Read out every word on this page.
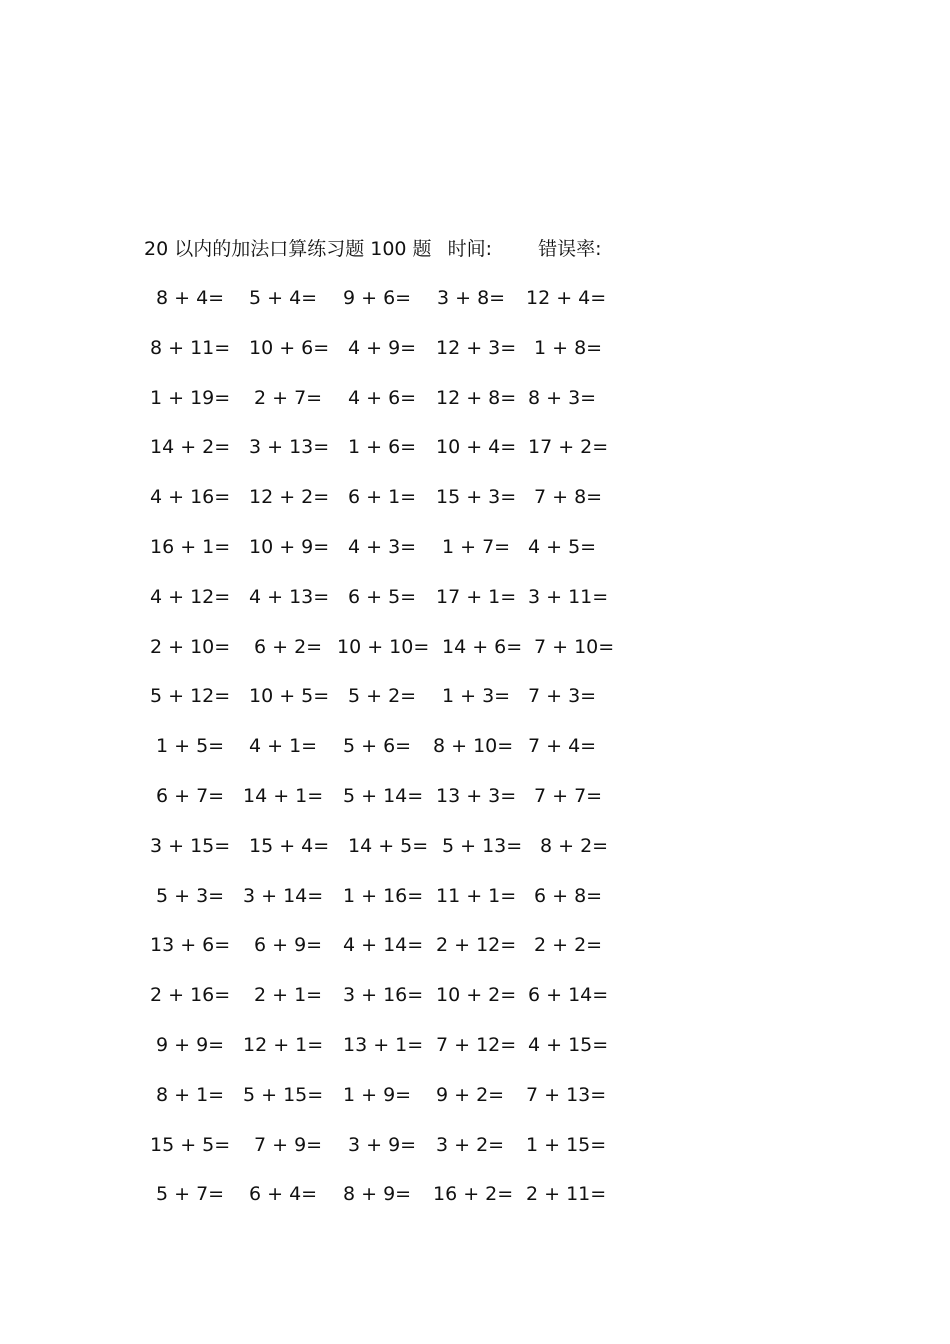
20 以内的加法口算练习题 100 题 时间: 错误率:
8 + 4= 5 + 4= 9 + 6= 3 + 8= 12 + 4=
8 + 11= 10 + 6= 4 + 9= 12 + 3= 1 + 8=
1 + 19= 2 + 7= 4 + 6= 12 + 8= 8 + 3=
14 + 2= 3 + 13= 1 + 6= 10 + 4= 17 + 2=
4 + 16= 12 + 2= 6 + 1= 15 + 3= 7 + 8=
16 + 1= 10 + 9= 4 + 3= 1 + 7= 4 + 5=
4 + 12= 4 + 13= 6 + 5= 17 + 1= 3 + 11=
2 + 10= 6 + 2= 10 + 10= 14 + 6= 7 + 10=
5 + 12= 10 + 5= 5 + 2= 1 + 3= 7 + 3=
1 + 5= 4 + 1= 5 + 6= 8 + 10= 7 + 4=
6 + 7= 14 + 1= 5 + 14= 13 + 3= 7 + 7=
3 + 15= 15 + 4= 14 + 5= 5 + 13= 8 + 2=
5 + 3= 3 + 14= 1 + 16= 11 + 1= 6 + 8=
13 + 6= 6 + 9= 4 + 14= 2 + 12= 2 + 2=
2 + 16= 2 + 1= 3 + 16= 10 + 2= 6 + 14=
9 + 9= 12 + 1= 13 + 1= 7 + 12= 4 + 15=
8 + 1= 5 + 15= 1 + 9= 9 + 2= 7 + 13=
15 + 5= 7 + 9= 3 + 9= 3 + 2= 1 + 15=
5 + 7= 6 + 4= 8 + 9= 16 + 2= 2 + 11=
